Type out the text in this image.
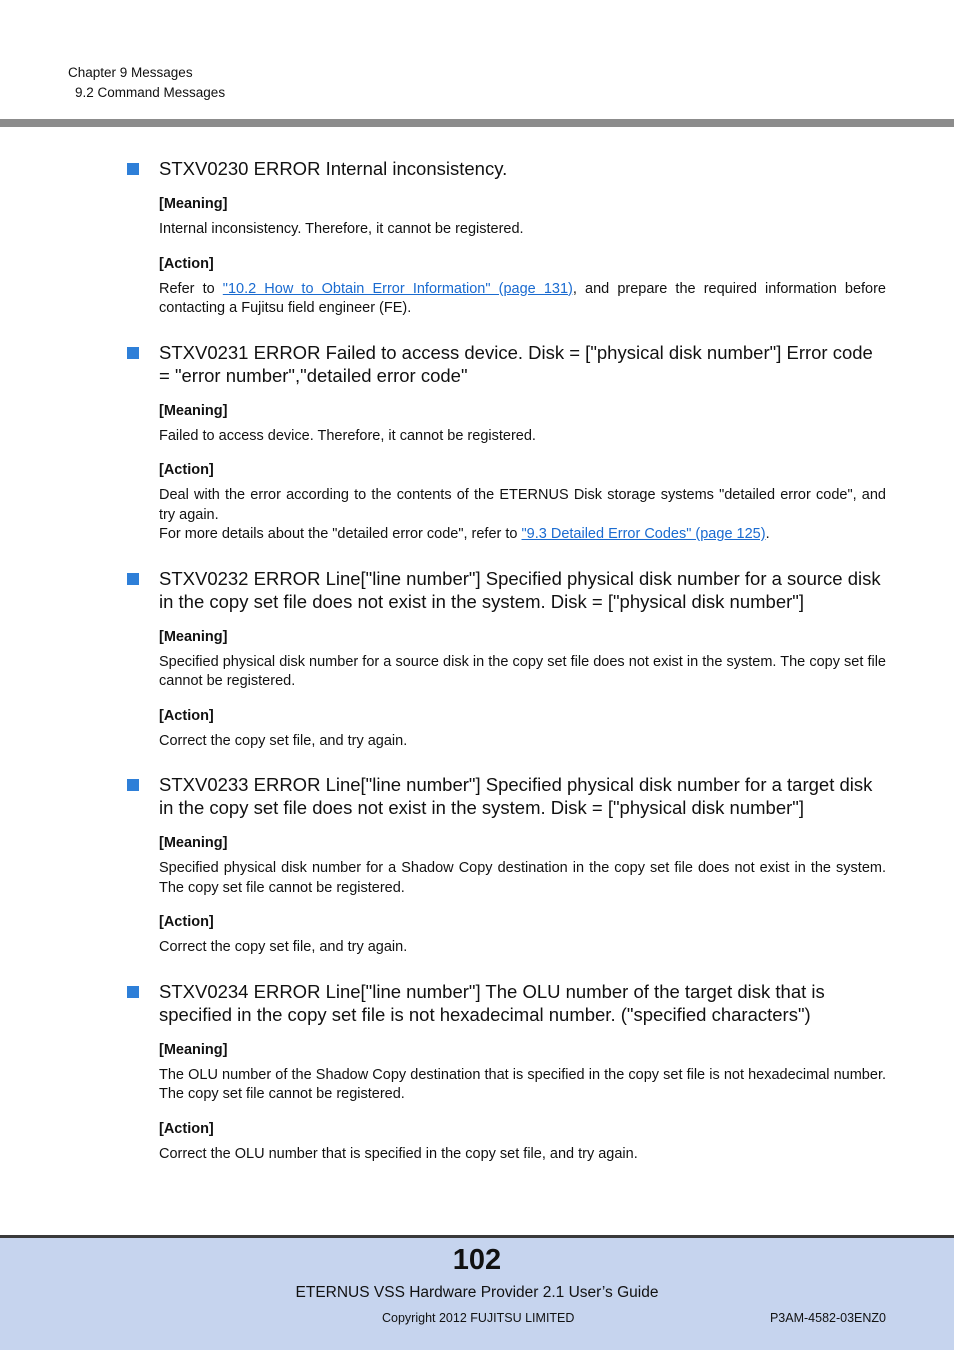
Chapter 9 Messages
9.2 Command Messages
STXV0230 ERROR Internal inconsistency.
[Meaning]
Internal inconsistency. Therefore, it cannot be registered.
[Action]
Refer to "10.2 How to Obtain Error Information" (page 131), and prepare the required information before contacting a Fujitsu field engineer (FE).
STXV0231 ERROR Failed to access device. Disk = ["physical disk number"] Error code = "error number","detailed error code"
[Meaning]
Failed to access device. Therefore, it cannot be registered.
[Action]
Deal with the error according to the contents of the ETERNUS Disk storage systems "detailed error code", and try again.
For more details about the "detailed error code", refer to "9.3 Detailed Error Codes" (page 125).
STXV0232 ERROR Line["line number"] Specified physical disk number for a source disk in the copy set file does not exist in the system. Disk = ["physical disk number"]
[Meaning]
Specified physical disk number for a source disk in the copy set file does not exist in the system. The copy set file cannot be registered.
[Action]
Correct the copy set file, and try again.
STXV0233 ERROR Line["line number"] Specified physical disk number for a target disk in the copy set file does not exist in the system. Disk = ["physical disk number"]
[Meaning]
Specified physical disk number for a Shadow Copy destination in the copy set file does not exist in the system. The copy set file cannot be registered.
[Action]
Correct the copy set file, and try again.
STXV0234 ERROR Line["line number"] The OLU number of the target disk that is specified in the copy set file is not hexadecimal number. ("specified characters")
[Meaning]
The OLU number of the Shadow Copy destination that is specified in the copy set file is not hexadecimal number. The copy set file cannot be registered.
[Action]
Correct the OLU number that is specified in the copy set file, and try again.
102
ETERNUS VSS Hardware Provider 2.1 User’s Guide
Copyright 2012 FUJITSU LIMITED	P3AM-4582-03ENZ0
